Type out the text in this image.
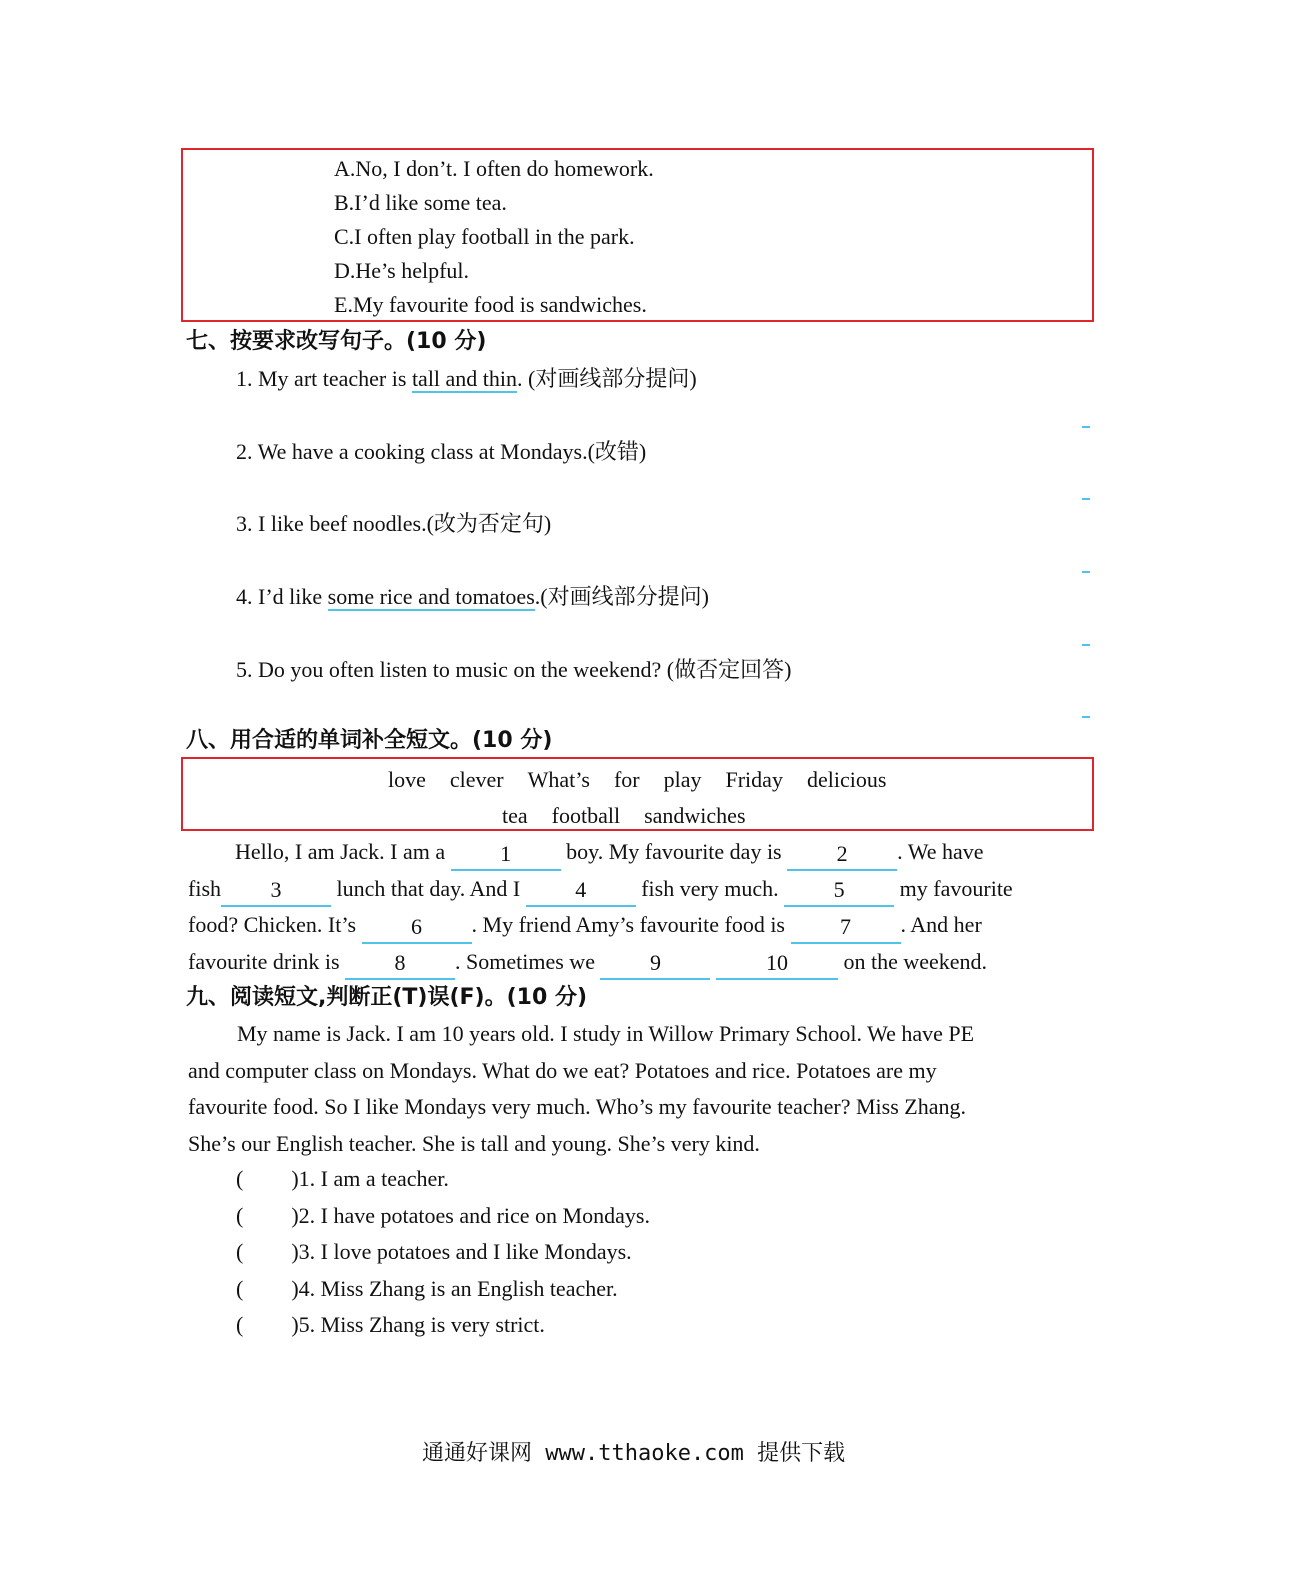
A.No, I don’t. I often do homework.
B.I’d like some tea.
C.I often play football in the park.
D.He’s helpful.
E.My favourite food is sandwiches.
七、按要求改写句子。(10 分)
1. My art teacher is tall and thin. (对画线部分提问)
2. We have a cooking class at Mondays.(改错)
3. I like beef noodles.(改为否定句)
4. I’d like some rice and tomatoes.(对画线部分提问)
5. Do you often listen to music on the weekend? (做否定回答)
八、用合适的单词补全短文。(10 分)
love clever What’s for play Friday delicious
tea football sandwiches
Hello, I am Jack. I am a	1	boy. My favourite day is	2 . We have
fish 3	lunch that day. And I	4	fish very much.	5	my favourite
food? Chicken. It’s	6 . My friend Amy’s favourite food is	7 . And her
favourite drink is	8 . Sometimes we	9	10	on the weekend.
九、阅读短文,判断正(T)误(F)。(10 分)
My name is Jack. I am 10 years old. I study in Willow Primary School. We have PE
and computer class on Mondays. What do we eat? Potatoes and rice. Potatoes are my
favourite food. So I like Mondays very much. Who’s my favourite teacher? Miss Zhang.
She’s our English teacher. She is tall and young. She’s very kind.
( )1. I am a teacher.
( )2. I have potatoes and rice on Mondays.
( )3. I love potatoes and I like Mondays.
( )4. Miss Zhang is an English teacher.
( )5. Miss Zhang is very strict.
通通好课网 www.tthaoke.com 提供下载
